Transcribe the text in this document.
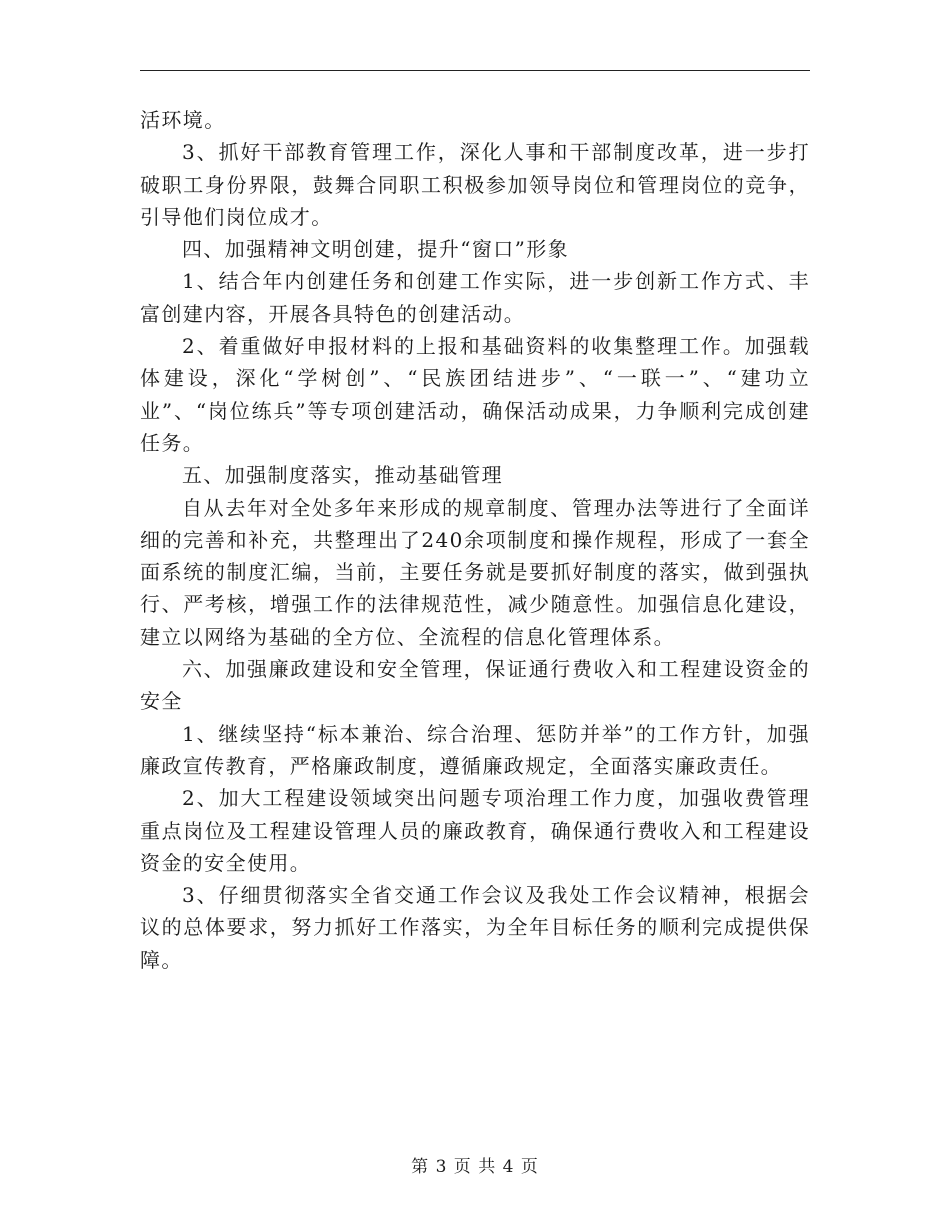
活环境。

3、抓好干部教育管理工作，深化人事和干部制度改革，进一步打破职工身份界限，鼓舞合同职工积极参加领导岗位和管理岗位的竞争，引导他们岗位成才。

四、加强精神文明创建，提升“窗口”形象

1、结合年内创建任务和创建工作实际，进一步创新工作方式、丰富创建内容，开展各具特色的创建活动。

2、着重做好申报材料的上报和基础资料的收集整理工作。加强载体建设，深化“学树创”、“民族团结进步”、“一联一”、“建功立业”、“岗位练兵”等专项创建活动，确保活动成果，力争顺利完成创建任务。

五、加强制度落实，推动基础管理

自从去年对全处多年来形成的规章制度、管理办法等进行了全面详细的完善和补充，共整理出了240余项制度和操作规程，形成了一套全面系统的制度汇编，当前，主要任务就是要抓好制度的落实，做到强执行、严考核，增强工作的法律规范性，减少随意性。加强信息化建设，建立以网络为基础的全方位、全流程的信息化管理体系。

六、加强廉政建设和安全管理，保证通行费收入和工程建设资金的安全

1、继续坚持“标本兼治、综合治理、惩防并举”的工作方针，加强廉政宣传教育，严格廉政制度，遵循廉政规定，全面落实廉政责任。

2、加大工程建设领域突出问题专项治理工作力度，加强收费管理重点岗位及工程建设管理人员的廉政教育，确保通行费收入和工程建设资金的安全使用。

3、仔细贯彻落实全省交通工作会议及我处工作会议精神，根据会议的总体要求，努力抓好工作落实，为全年目标任务的顺利完成提供保障。

第 3 页 共 4 页
